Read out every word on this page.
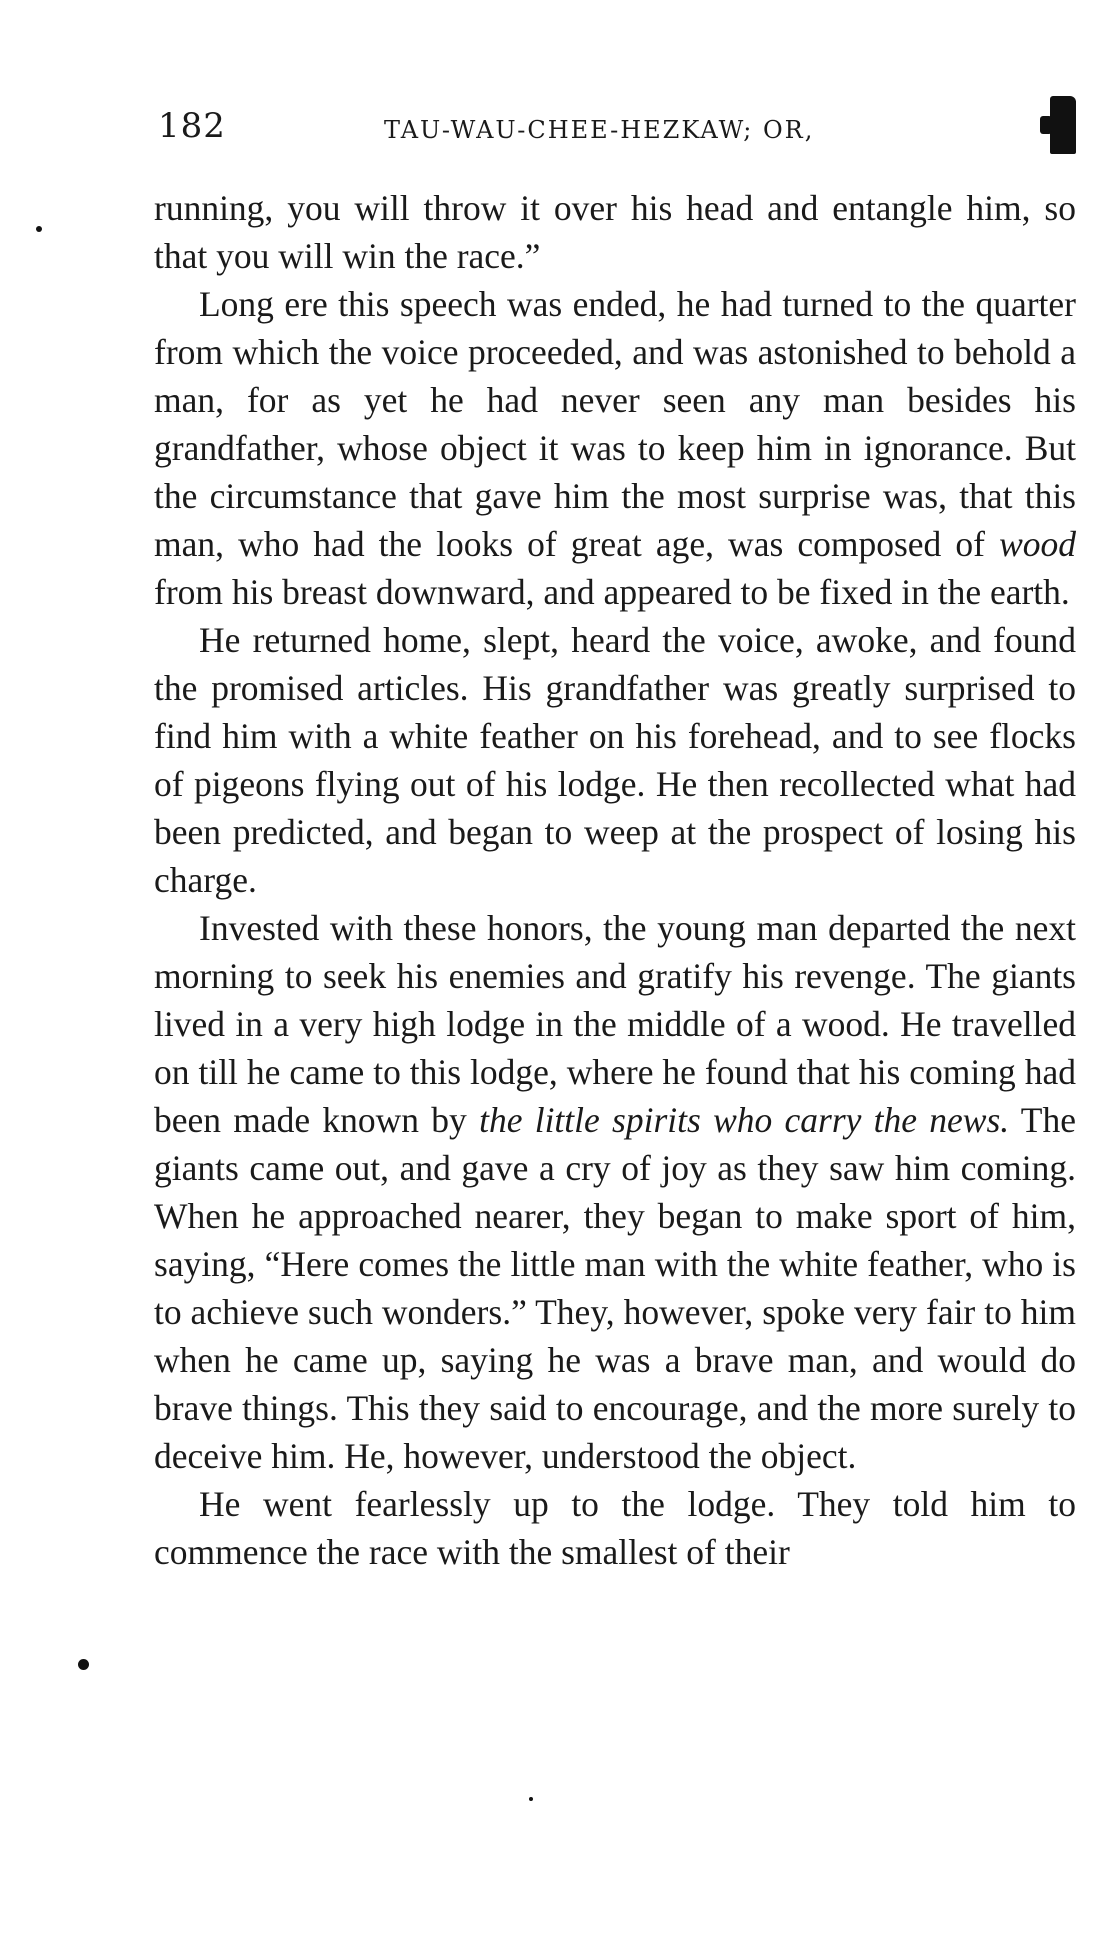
182	TAU-WAU-CHEE-HEZKAW; OR,

running, you will throw it over his head and entangle him, so that you will win the race.”

Long ere this speech was ended, he had turned to the quarter from which the voice proceeded, and was astonished to behold a man, for as yet he had never seen any man besides his grandfather, whose object it was to keep him in ignorance. But the circumstance that gave him the most surprise was, that this man, who had the looks of great age, was composed of wood from his breast downward, and appeared to be fixed in the earth.

He returned home, slept, heard the voice, awoke, and found the promised articles. His grandfather was greatly surprised to find him with a white feather on his forehead, and to see flocks of pigeons flying out of his lodge. He then recollected what had been predicted, and began to weep at the prospect of losing his charge.

Invested with these honors, the young man departed the next morning to seek his enemies and gratify his revenge. The giants lived in a very high lodge in the middle of a wood. He travelled on till he came to this lodge, where he found that his coming had been made known by the little spirits who carry the news. The giants came out, and gave a cry of joy as they saw him coming. When he approached nearer, they began to make sport of him, saying, “Here comes the little man with the white feather, who is to achieve such wonders.” They, however, spoke very fair to him when he came up, saying he was a brave man, and would do brave things. This they said to encourage, and the more surely to deceive him. He, however, understood the object.

He went fearlessly up to the lodge. They told him to commence the race with the smallest of their
